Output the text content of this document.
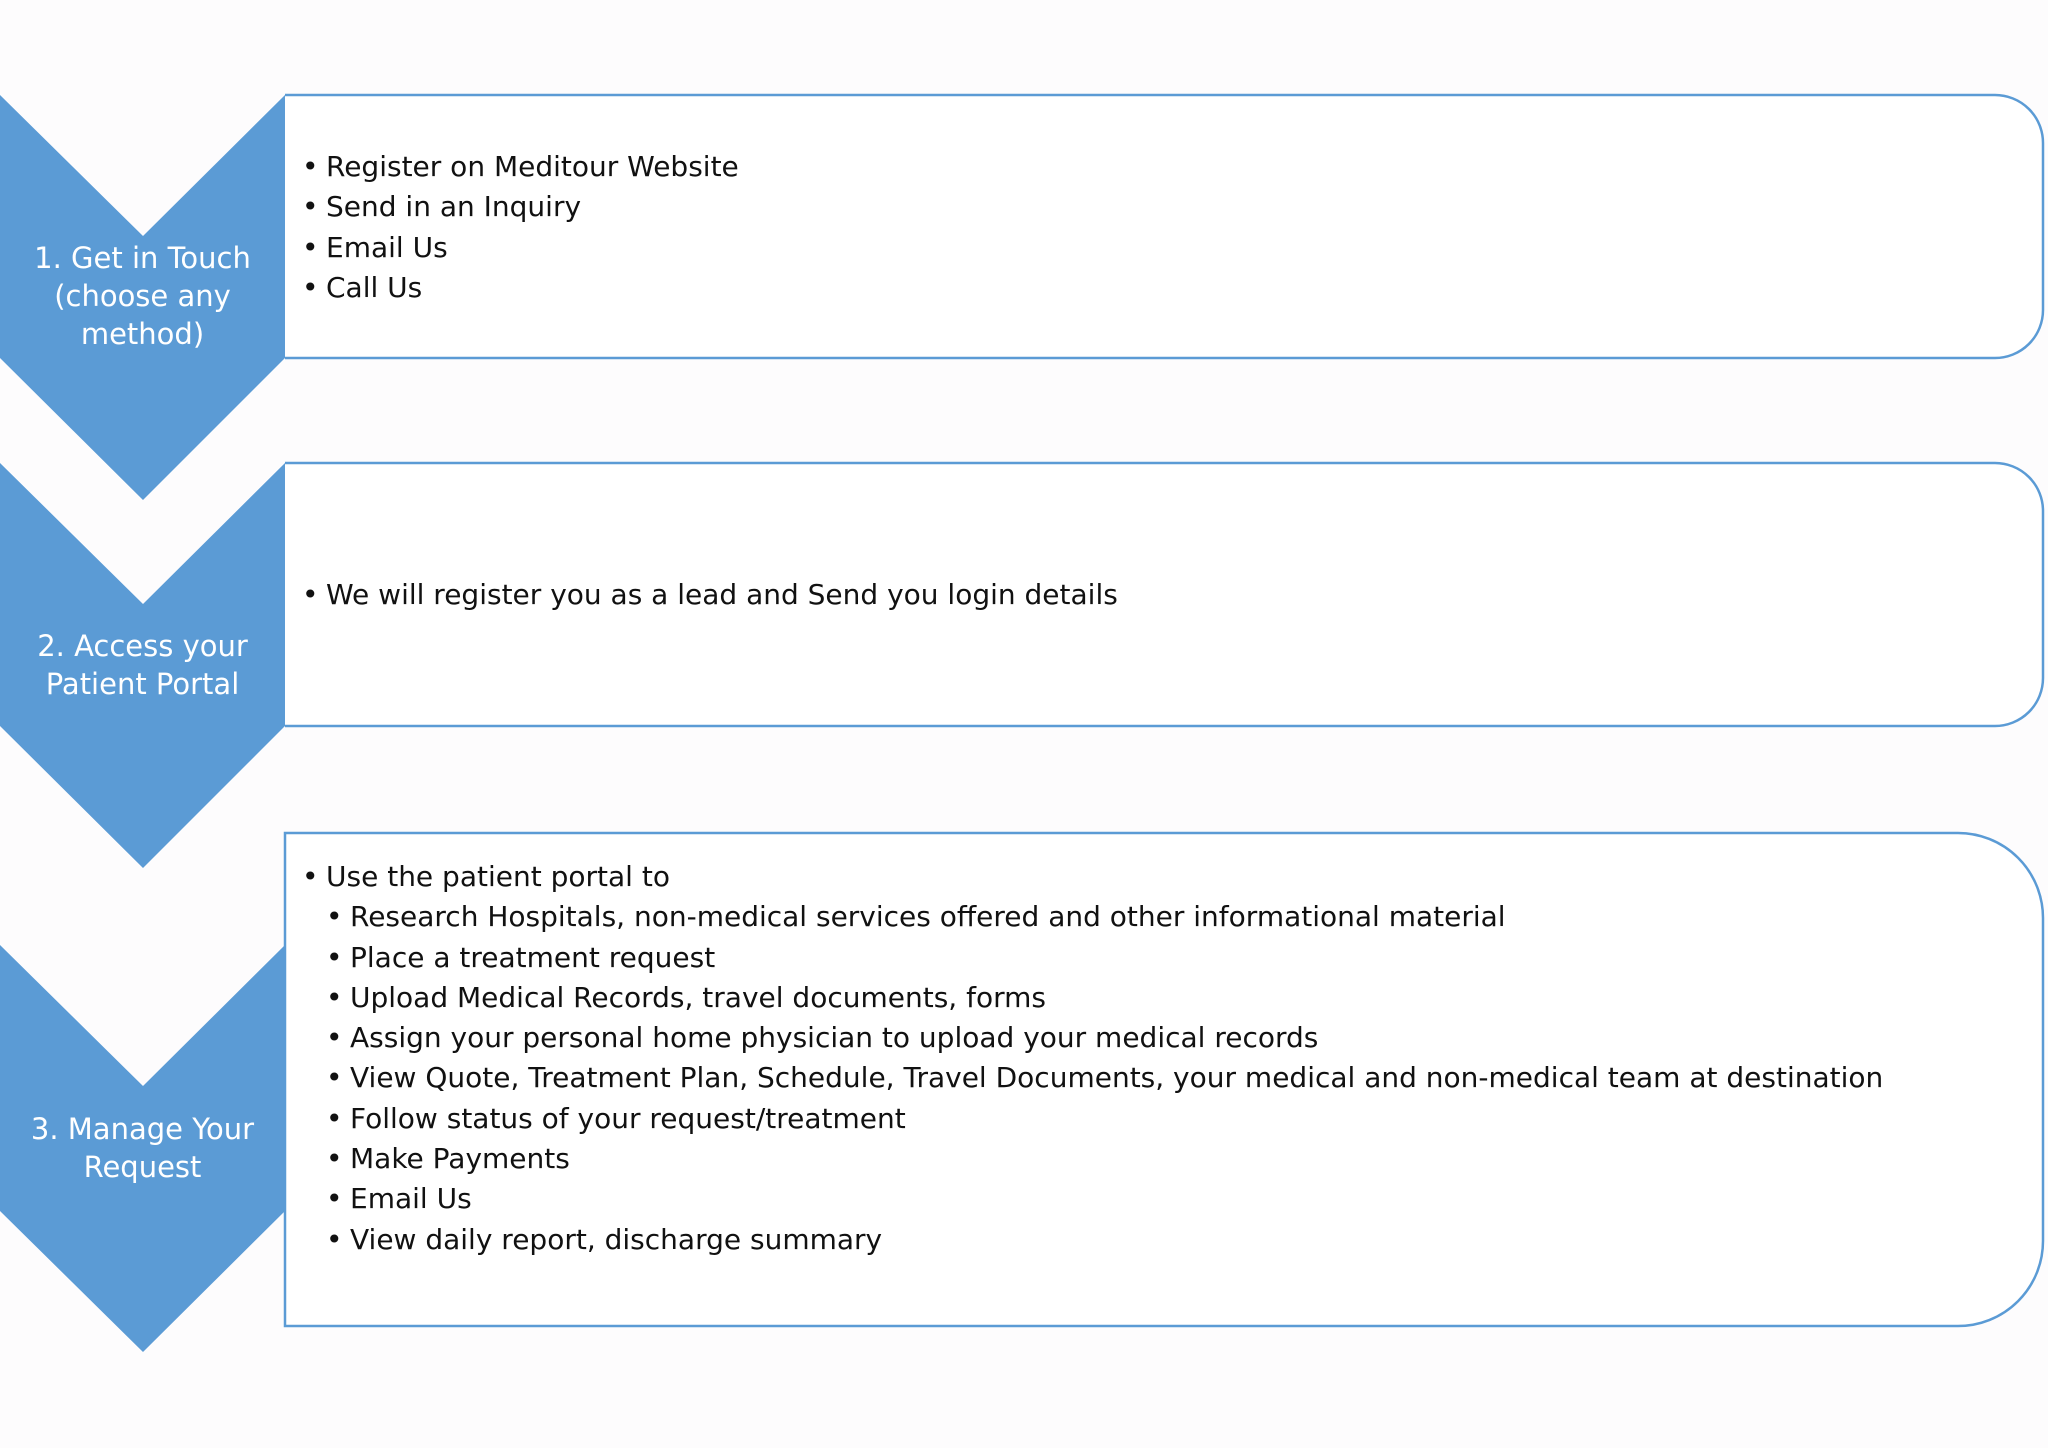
1. Get in Touch
(choose any
method)
2. Access your
Patient Portal
3. Manage Your
Request
• Register on Meditour Website
• Send in an Inquiry
• Email Us
• Call Us
• We will register you as a lead and Send you login details
• Use the patient portal to
• Research Hospitals, non-medical services offered and other informational material
• Place a treatment request
• Upload Medical Records, travel documents, forms
• Assign your personal home physician to upload your medical records
• View Quote, Treatment Plan, Schedule, Travel Documents, your medical and non-medical team at destination
• Follow status of your request/treatment
• Make Payments
• Email Us
• View daily report, discharge summary
